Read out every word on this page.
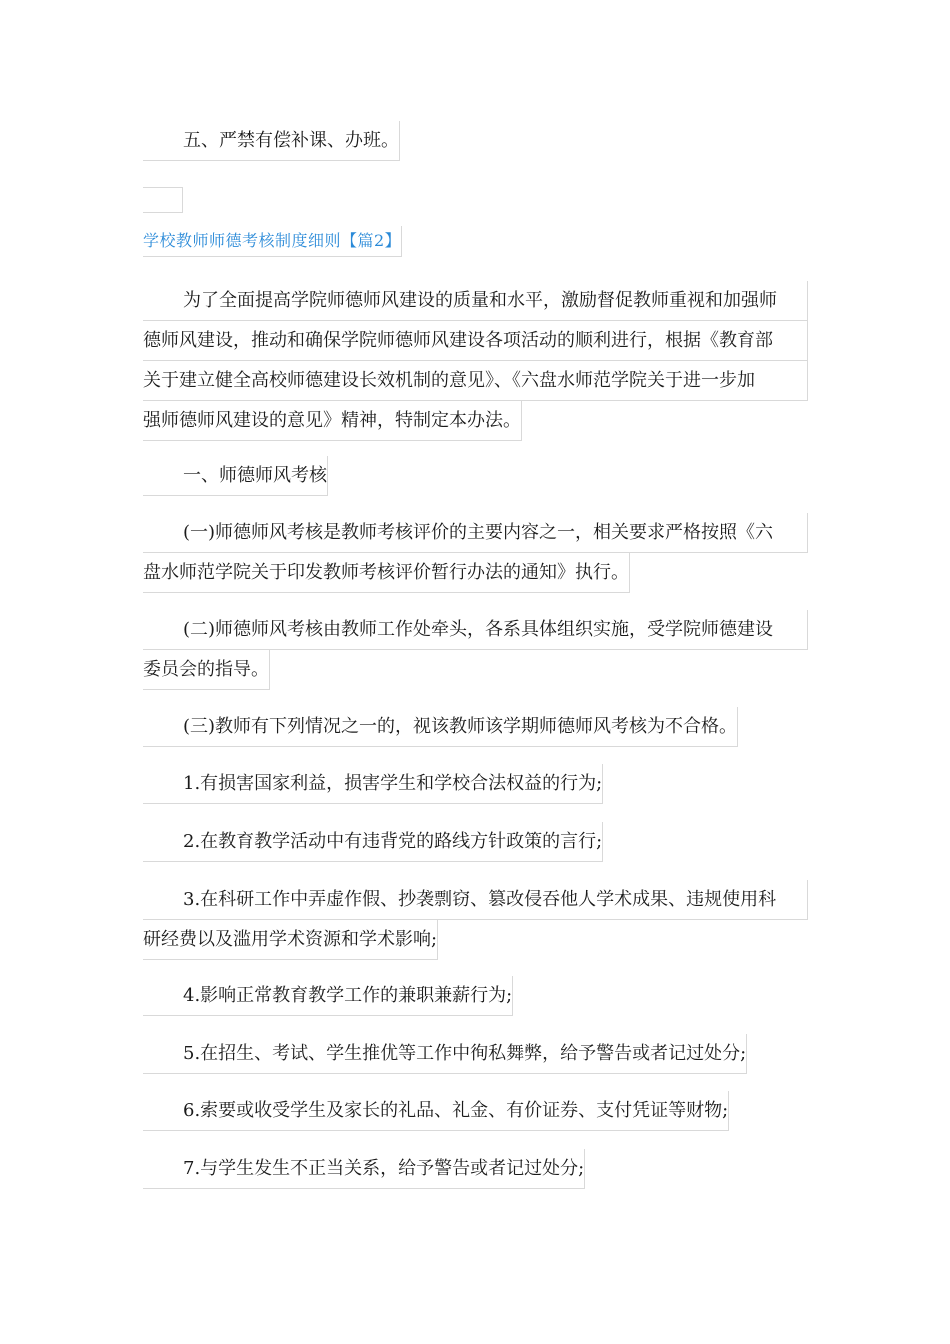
五、严禁有偿补课、办班。
学校教师师德考核制度细则【篇2】
为了全面提高学院师德师风建设的质量和水平，激励督促教师重视和加强师
德师风建设，推动和确保学院师德师风建设各项活动的顺利进行，根据《教育部
关于建立健全高校师德建设长效机制的意见》、《六盘水师范学院关于进一步加
强师德师风建设的意见》精神，特制定本办法。
一、师德师风考核
(一)师德师风考核是教师考核评价的主要内容之一，相关要求严格按照《六
盘水师范学院关于印发教师考核评价暂行办法的通知》执行。
(二)师德师风考核由教师工作处牵头，各系具体组织实施，受学院师德建设
委员会的指导。
(三)教师有下列情况之一的，视该教师该学期师德师风考核为不合格。
1.有损害国家利益，损害学生和学校合法权益的行为;
2.在教育教学活动中有违背党的路线方针政策的言行;
3.在科研工作中弄虚作假、抄袭剽窃、篡改侵吞他人学术成果、违规使用科
研经费以及滥用学术资源和学术影响;
4.影响正常教育教学工作的兼职兼薪行为;
5.在招生、考试、学生推优等工作中徇私舞弊，给予警告或者记过处分;
6.索要或收受学生及家长的礼品、礼金、有价证券、支付凭证等财物;
7.与学生发生不正当关系，给予警告或者记过处分;
